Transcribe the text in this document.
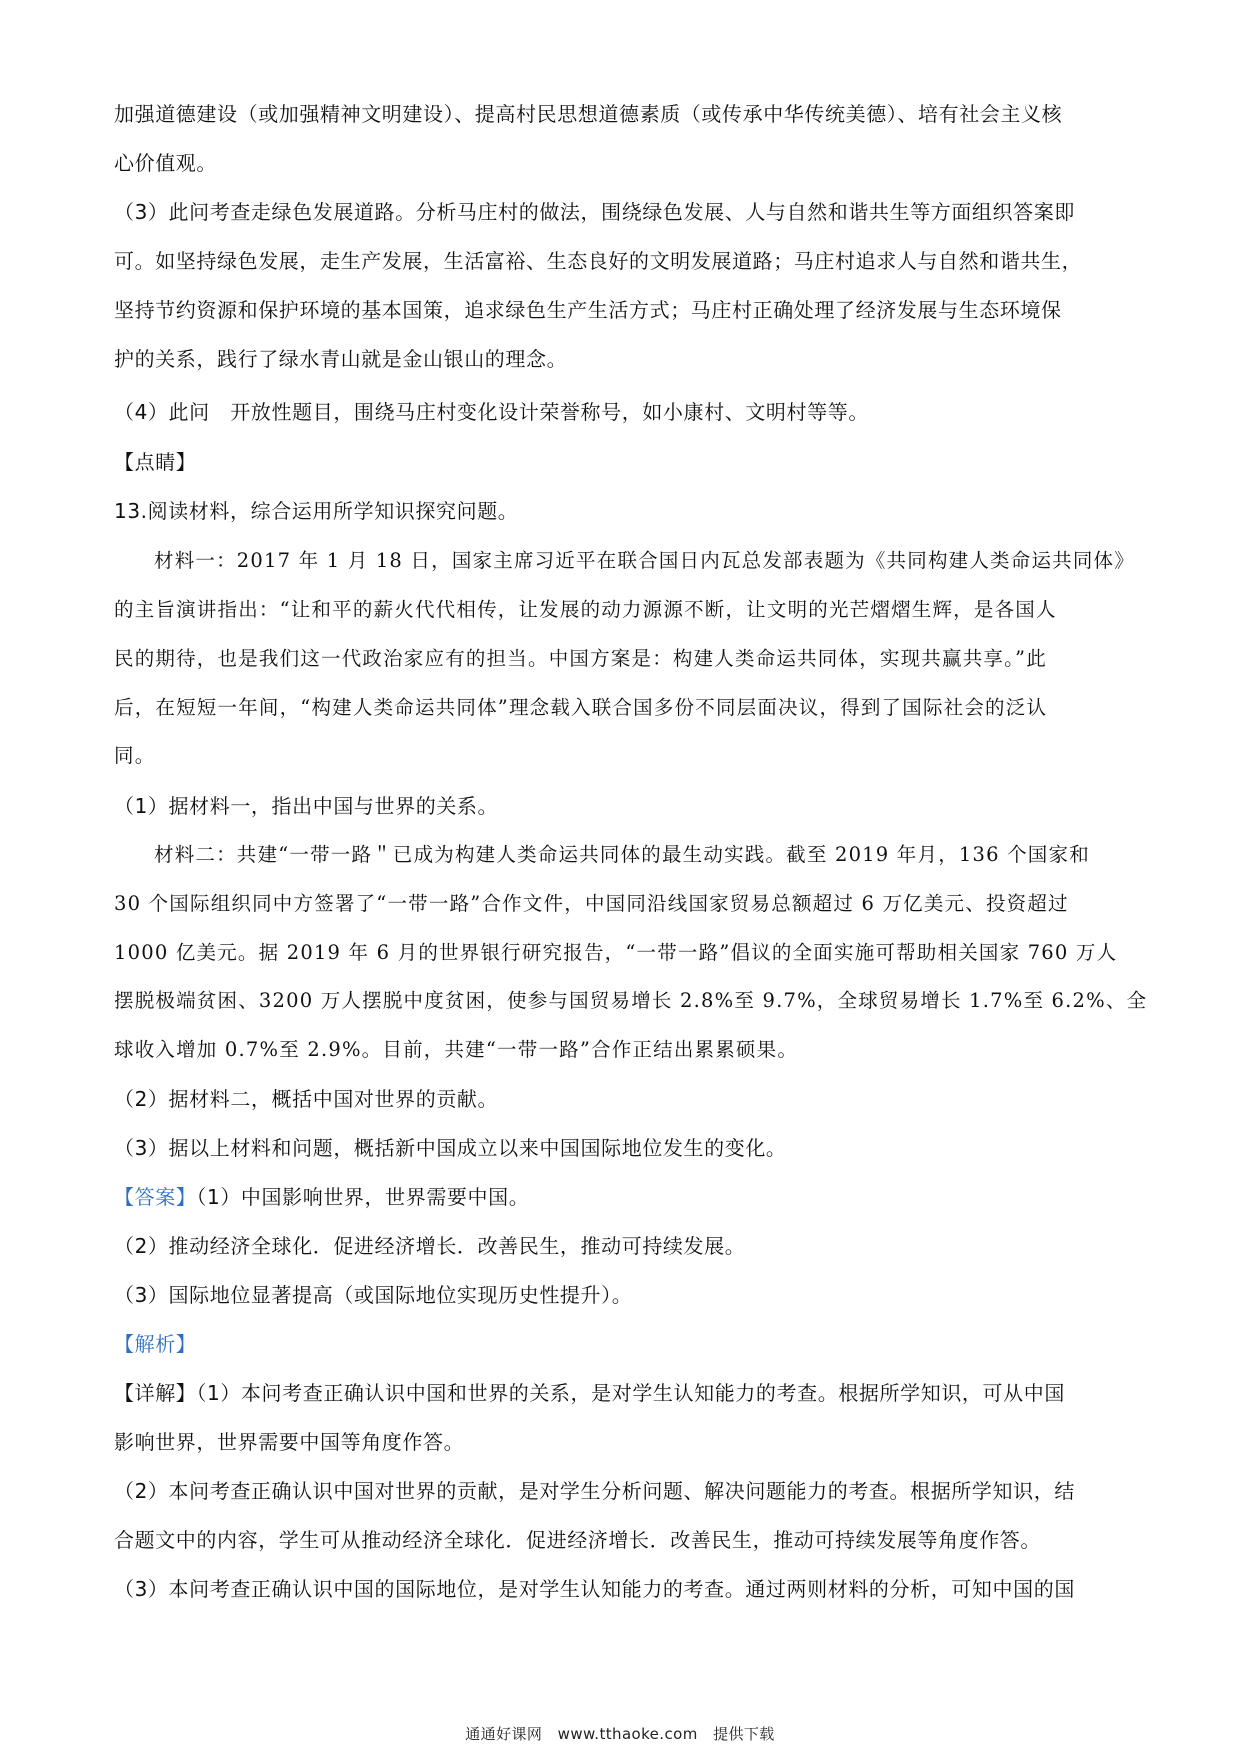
加强道德建设（或加强精神文明建设）、提高村民思想道德素质（或传承中华传统美德）、培有社会主义核
心价值观。
（3）此问考查走绿色发展道路。分析马庄村的做法，围绕绿色发展、人与自然和谐共生等方面组织答案即
可。如坚持绿色发展，走生产发展，生活富裕、生态良好的文明发展道路；马庄村追求人与自然和谐共生，
坚持节约资源和保护环境的基本国策，追求绿色生产生活方式；马庄村正确处理了经济发展与生态环境保
护的关系，践行了绿水青山就是金山银山的理念。
（4）此问　开放性题目，围绕马庄村变化设计荣誉称号，如小康村、文明村等等。
【点睛】
13.阅读材料，综合运用所学知识探究问题。
材料一：2017 年 1 月 18 日，国家主席习近平在联合国日内瓦总发部表题为《共同构建人类命运共同体》
的主旨演讲指出：“让和平的薪火代代相传，让发展的动力源源不断，让文明的光芒熠熠生辉，是各国人
民的期待，也是我们这一代政治家应有的担当。中国方案是：构建人类命运共同体，实现共赢共享。”此
后，在短短一年间，“构建人类命运共同体”理念载入联合国多份不同层面决议，得到了国际社会的泛认
同。
（1）据材料一，指出中国与世界的关系。
材料二：共建“一带一路＂已成为构建人类命运共同体的最生动实践。截至 2019 年月，136 个国家和
30 个国际组织同中方签署了“一带一路”合作文件，中国同沿线国家贸易总额超过 6 万亿美元、投资超过
1000 亿美元。据 2019 年 6 月的世界银行研究报告，“一带一路”倡议的全面实施可帮助相关国家 760 万人
摆脱极端贫困、3200 万人摆脱中度贫困，使参与国贸易增长 2.8%至 9.7%，全球贸易增长 1.7%至 6.2%、全
球收入增加 0.7%至 2.9%。目前，共建“一带一路”合作正结出累累硕果。
（2）据材料二，概括中国对世界的贡献。
（3）据以上材料和问题，概括新中国成立以来中国国际地位发生的变化。
【答案】（1）中国影响世界，世界需要中国。
（2）推动经济全球化．促进经济增长．改善民生，推动可持续发展。
（3）国际地位显著提高（或国际地位实现历史性提升）。
【解析】
【详解】（1）本问考查正确认识中国和世界的关系，是对学生认知能力的考查。根据所学知识，可从中国
影响世界，世界需要中国等角度作答。
（2）本问考查正确认识中国对世界的贡献，是对学生分析问题、解决问题能力的考查。根据所学知识，结
合题文中的内容，学生可从推动经济全球化．促进经济增长．改善民生，推动可持续发展等角度作答。
（3）本问考查正确认识中国的国际地位，是对学生认知能力的考查。通过两则材料的分析，可知中国的国
通通好课网　www.tthaoke.com　提供下载
